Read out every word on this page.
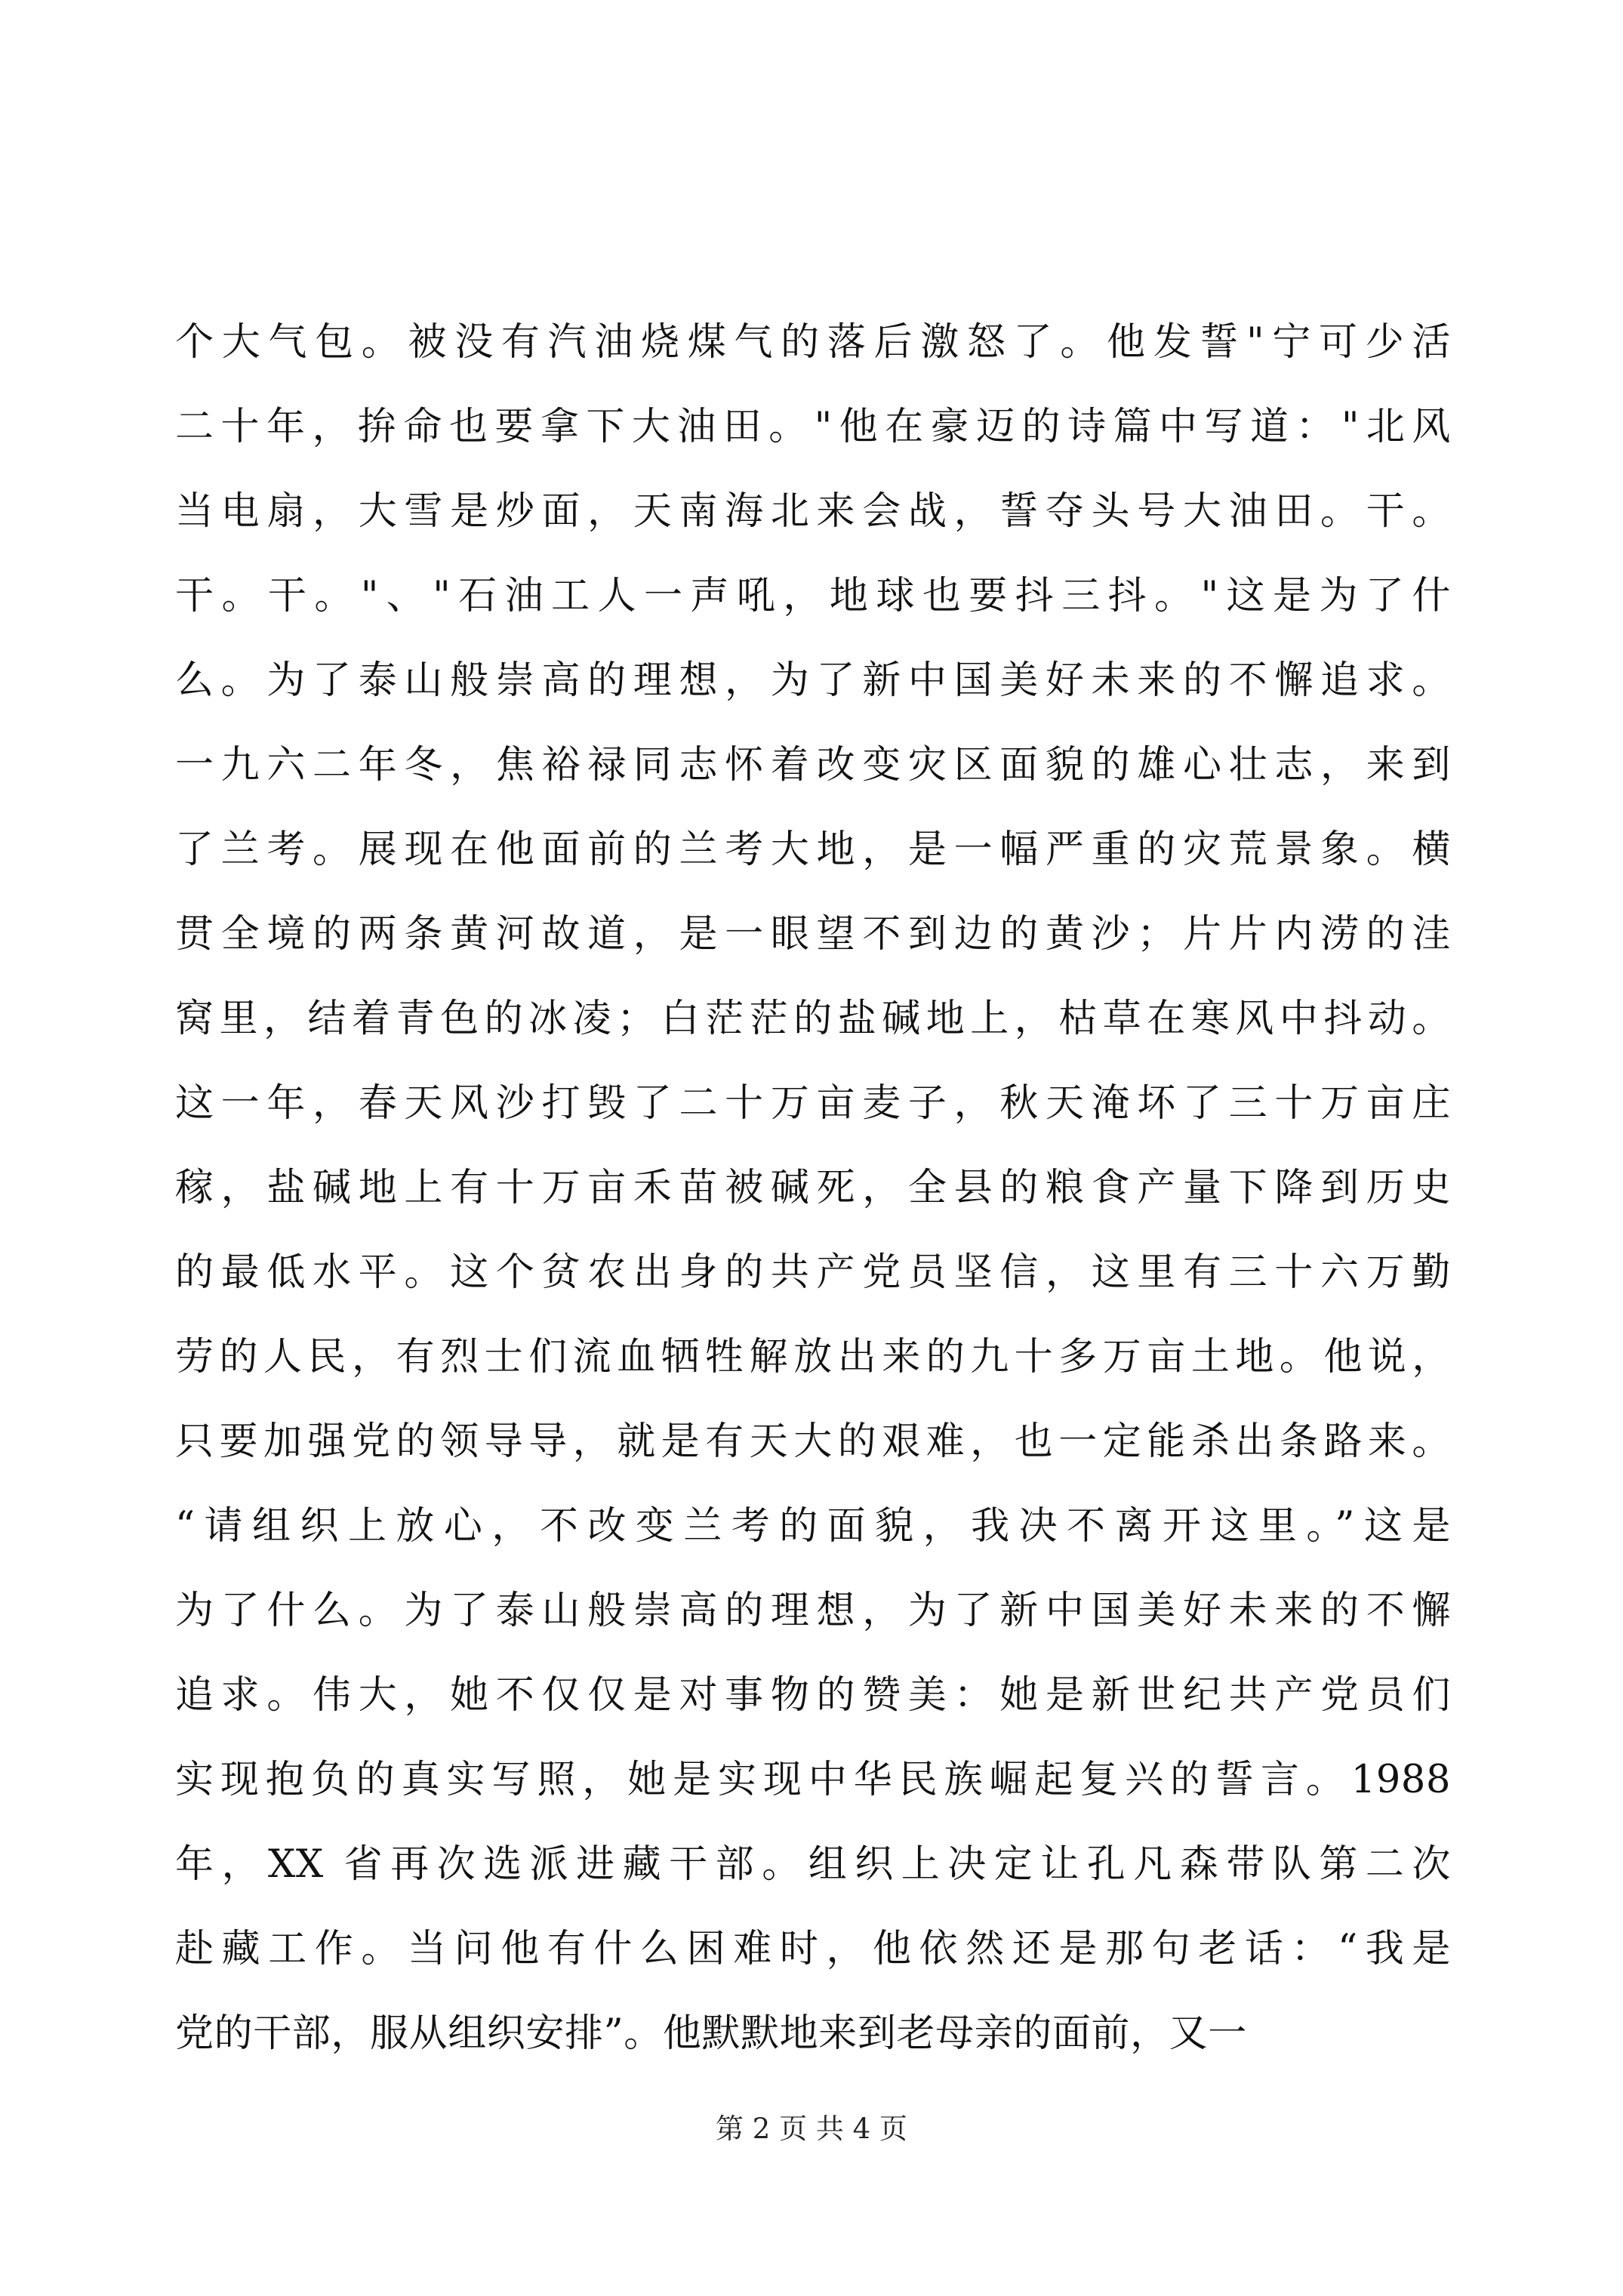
个大气包。被没有汽油烧煤气的落后激怒了。他发誓"宁可少活
二十年，拚命也要拿下大油田。"他在豪迈的诗篇中写道："北风
当电扇，大雪是炒面，天南海北来会战，誓夺头号大油田。干。
干。干。"、"石油工人一声吼，地球也要抖三抖。"这是为了什
么。为了泰山般崇高的理想，为了新中国美好未来的不懈追求。
一九六二年冬，焦裕禄同志怀着改变灾区面貌的雄心壮志，来到
了兰考。展现在他面前的兰考大地，是一幅严重的灾荒景象。横
贯全境的两条黄河故道，是一眼望不到边的黄沙；片片内涝的洼
窝里，结着青色的冰凌；白茫茫的盐碱地上，枯草在寒风中抖动。
这一年，春天风沙打毁了二十万亩麦子，秋天淹坏了三十万亩庄
稼，盐碱地上有十万亩禾苗被碱死，全县的粮食产量下降到历史
的最低水平。这个贫农出身的共产党员坚信，这里有三十六万勤
劳的人民，有烈士们流血牺牲解放出来的九十多万亩土地。他说，
只要加强党的领导导，就是有天大的艰难，也一定能杀出条路来。
“请组织上放心，不改变兰考的面貌，我决不离开这里。”这是
为了什么。为了泰山般崇高的理想，为了新中国美好未来的不懈
追求。伟大，她不仅仅是对事物的赞美：她是新世纪共产党员们
实现抱负的真实写照，她是实现中华民族崛起复兴的誓言。1988
年，XX 省再次选派进藏干部。组织上决定让孔凡森带队第二次
赴藏工作。当问他有什么困难时，他依然还是那句老话：“我是
党的干部，服从组织安排”。他默默地来到老母亲的面前，又一
第 2 页 共 4 页
